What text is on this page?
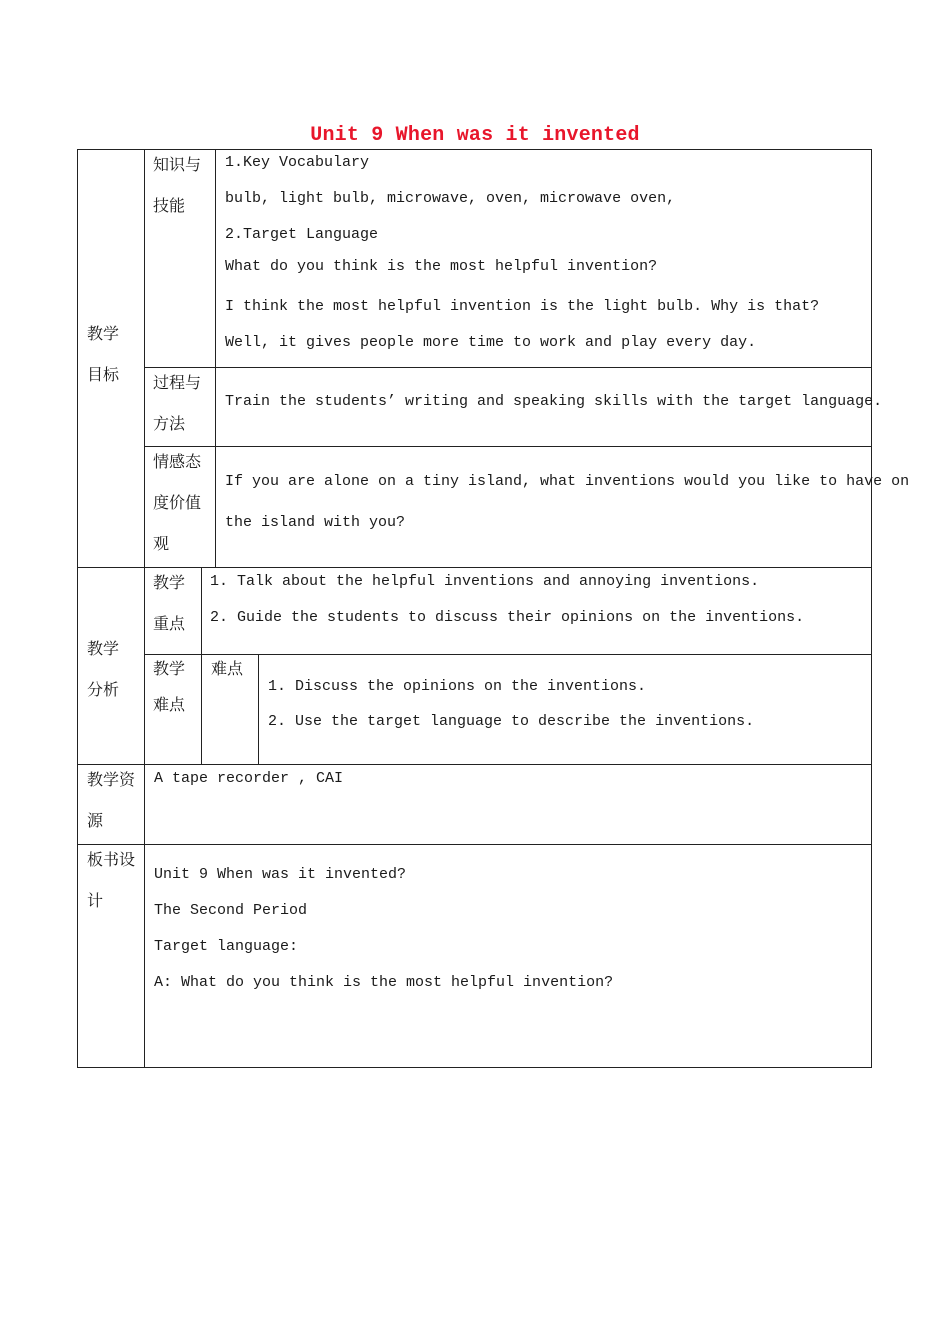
Unit 9 When was it invented
教学
目标
知识与
技能
1.Key Vocabulary
bulb, light bulb, microwave, oven, microwave oven,
2.Target Language
What do you think is the most helpful invention?
I think the most helpful invention is the light bulb. Why is that?
Well, it gives people more time to work and play every day.
过程与
方法
Train the students’ writing and speaking skills with the target language.
情感态
度价值
观
If you are alone on a tiny island, what inventions would you like to have on
the island with you?
教学
分析
教学
重点
1. Talk about the helpful inventions and annoying inventions.
2. Guide the students to discuss their opinions on the inventions.
教学
难点
难点
1. Discuss the opinions on the inventions.
2. Use the target language to describe the inventions.
教学资
源
A tape recorder , CAI
板书设
计
Unit 9 When was it invented?
The Second Period
Target language:
A: What do you think is the most helpful invention?
